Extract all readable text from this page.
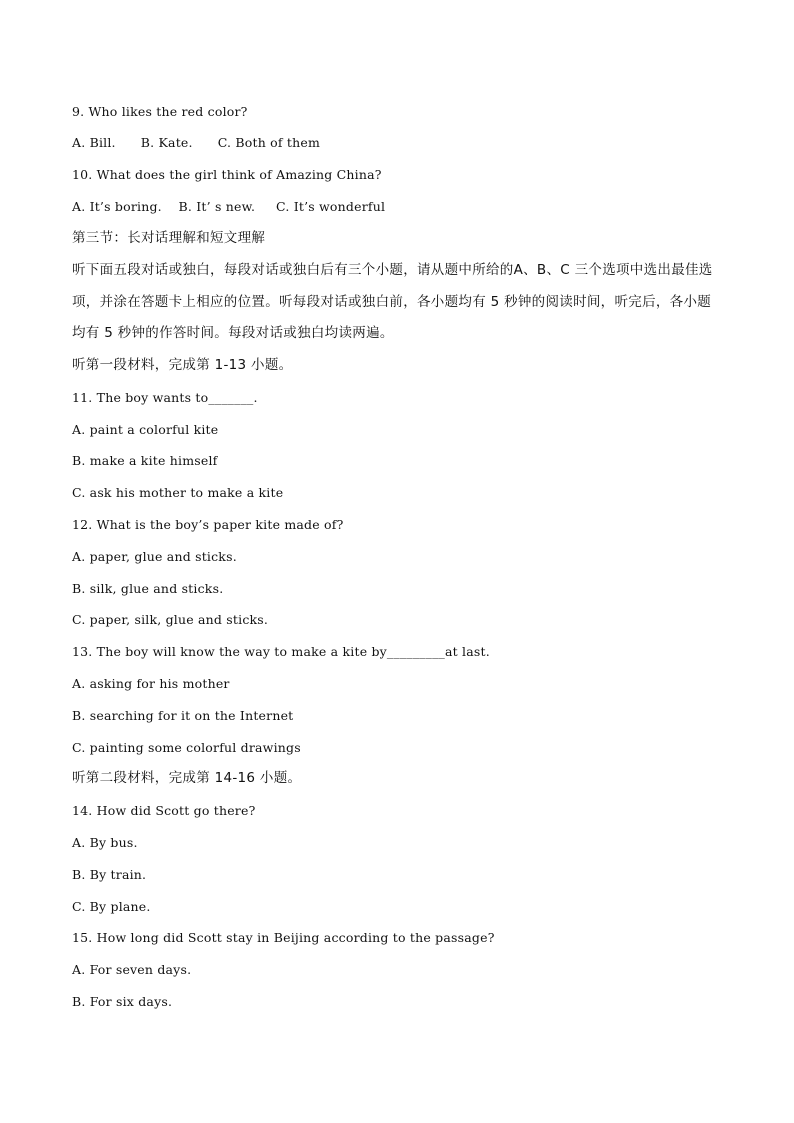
9. Who likes the red color?
A. Bill.      B. Kate.      C. Both of them
10. What does the girl think of Amazing China?
A. It’s boring.    B. It’ s new.     C. It’s wonderful
第三节：长对话理解和短文理解
听下面五段对话或独白，每段对话或独白后有三个小题，请从题中所给的A、B、C 三个选项中选出最佳选
项，并涂在答题卡上相应的位置。听每段对话或独白前，各小题均有 5 秒钟的阅读时间，听完后，各小题
均有 5 秒钟的作答时间。每段对话或独白均读两遍。
听第一段材料，完成第 1-13 小题。
11. The boy wants to_______.
A. paint a colorful kite
B. make a kite himself
C. ask his mother to make a kite
12. What is the boy’s paper kite made of?
A. paper, glue and sticks.
B. silk, glue and sticks.
C. paper, silk, glue and sticks.
13. The boy will know the way to make a kite by_________at last.
A. asking for his mother
B. searching for it on the Internet
C. painting some colorful drawings
听第二段材料，完成第 14-16 小题。
14. How did Scott go there?
A. By bus.
B. By train.
C. By plane.
15. How long did Scott stay in Beijing according to the passage?
A. For seven days.
B. For six days.
